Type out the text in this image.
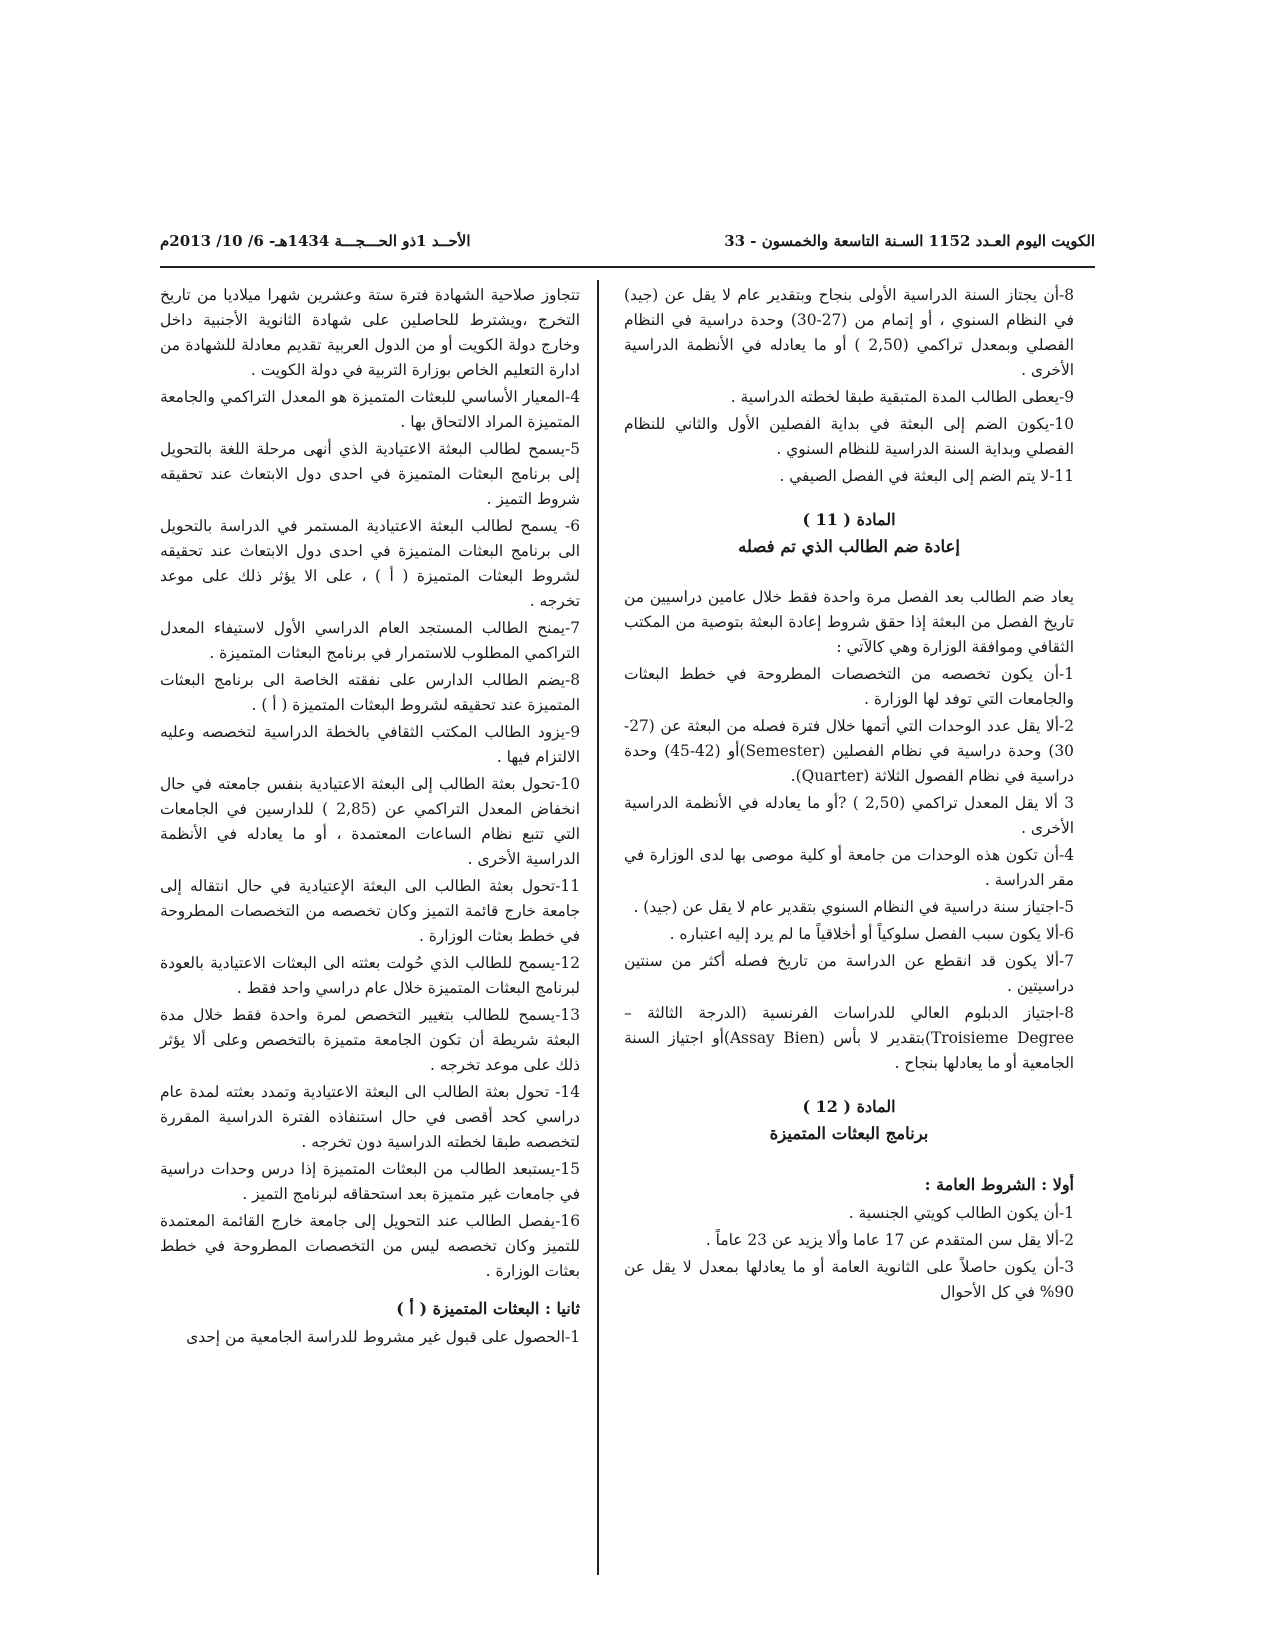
الكويت اليوم العـدد 1152 السـنة التاسعة والخمسون - 33
الأحــد 1ذو الحـــجـــة 1434هـ- 6/ 10/ 2013م

8-أن يجتاز السنة الدراسية الأولى بنجاح وبتقدير عام لا يقل عن (جيد) في النظام السنوي ، أو إتمام من (27-30) وحدة دراسية في النظام الفصلي وبمعدل تراكمي (2,50 ) أو ما يعادله في الأنظمة الدراسية الأخرى .

9-يعطى الطالب المدة المتبقية طبقا لخطته الدراسية .

10-يكون الضم إلى البعثة في بداية الفصلين الأول والثاني للنظام الفصلي وبداية السنة الدراسية للنظام السنوي .

11-لا يتم الضم إلى البعثة في الفصل الصيفي .

المادة ( 11 )
إعادة ضم الطالب الذي تم فصله

يعاد ضم الطالب بعد الفصل مرة واحدة فقط خلال عامين دراسيين من تاريخ الفصل من البعثة إذا حقق شروط إعادة البعثة بتوصية من المكتب الثقافي وموافقة الوزارة وهي كالآتي :

1-أن يكون تخصصه من التخصصات المطروحة في خطط البعثات والجامعات التي توفد لها الوزارة .

2-ألا يقل عدد الوحدات التي أتمها خلال فترة فصله من البعثة عن (27- 30) وحدة دراسية في نظام الفصلين (Semester)أو (42-45) وحدة دراسية في نظام الفصول الثلاثة (Quarter).

3 ألا يقل المعدل تراكمي (2,50 ) ?أو ما يعادله في الأنظمة الدراسية الأخرى .

4-أن تكون هذه الوحدات من جامعة أو كلية موصى بها لدى الوزارة في مقر الدراسة .

5-اجتياز سنة دراسية في النظام السنوي بتقدير عام لا يقل عن (جيد) .

6-ألا يكون سبب الفصل سلوكياً أو أخلاقياً ما لم يرد إليه اعتباره .

7-ألا يكون قد انقطع عن الدراسة من تاريخ فصله أكثر من سنتين دراسيتين .

8-اجتياز الدبلوم العالي للدراسات الفرنسية (الدرجة الثالثة – Troisieme Degree)بتقدير لا بأس (Assay Bien)أو اجتياز السنة الجامعية أو ما يعادلها بنجاح .

المادة ( 12 )
برنامج البعثات المتميزة
أولا : الشروط العامة :

1-أن يكون الطالب كويتي الجنسية .

2-ألا يقل سن المتقدم عن 17 عاما وألا يزيد عن 23 عاماً .

3-أن يكون حاصلاً على الثانوية العامة أو ما يعادلها بمعدل لا يقل عن 90% في كل الأحوال

تتجاوز صلاحية الشهادة فترة ستة وعشرين شهرا ميلاديا من تاريخ التخرج ،ويشترط للحاصلين على شهادة الثانوية الأجنبية داخل وخارج دولة الكويت أو من الدول العربية تقديم معادلة للشهادة من ادارة التعليم الخاص بوزارة التربية في دولة الكويت .

4-المعيار الأساسي للبعثات المتميزة هو المعدل التراكمي والجامعة المتميزة المراد الالتحاق بها .

5-يسمح لطالب البعثة الاعتيادية الذي أنهى مرحلة اللغة بالتحويل إلى برنامج البعثات المتميزة في احدى دول الابتعاث عند تحقيقه شروط التميز .

6- يسمح لطالب البعثة الاعتيادية المستمر في الدراسة بالتحويل الى برنامج البعثات المتميزة في احدى دول الابتعاث عند تحقيقه لشروط البعثات المتميزة ( أ ) ، على الا يؤثر ذلك على موعد تخرجه .

7-يمنح الطالب المستجد العام الدراسي الأول لاستيفاء المعدل التراكمي المطلوب للاستمرار في برنامج البعثات المتميزة .

8-يضم الطالب الدارس على نفقته الخاصة الى برنامج البعثات المتميزة عند تحقيقه لشروط البعثات المتميزة ( أ ) .

9-يزود الطالب المكتب الثقافي بالخطة الدراسية لتخصصه وعليه الالتزام فيها .

10-تحول بعثة الطالب إلى البعثة الاعتيادية بنفس جامعته في حال انخفاض المعدل التراكمي عن (2,85 ) للدارسين في الجامعات التي تتبع نظام الساعات المعتمدة ، أو ما يعادله في الأنظمة الدراسية الأخرى .

11-تحول بعثة الطالب الى البعثة الإعتيادية في حال انتقاله إلى جامعة خارج قائمة التميز وكان تخصصه من التخصصات المطروحة في خطط بعثات الوزارة .

12-يسمح للطالب الذي حُولت بعثته الى البعثات الاعتيادية بالعودة لبرنامج البعثات المتميزة خلال عام دراسي واحد فقط .

13-يسمح للطالب بتغيير التخصص لمرة واحدة فقط خلال مدة البعثة شريطة أن تكون الجامعة متميزة بالتخصص وعلى ألا يؤثر ذلك على موعد تخرجه .

14- تحول بعثة الطالب الى البعثة الاعتيادية وتمدد بعثته لمدة عام دراسي كحد أقصى في حال استنفاذه الفترة الدراسية المقررة لتخصصه طبقا لخطته الدراسية دون تخرجه .

15-يستبعد الطالب من البعثات المتميزة إذا درس وحدات دراسية في جامعات غير متميزة بعد استحقاقه لبرنامج التميز .

16-يفصل الطالب عند التحويل إلى جامعة خارج القائمة المعتمدة للتميز وكان تخصصه ليس من التخصصات المطروحة في خطط بعثات الوزارة .

ثانيا : البعثات المتميزة ( أ )

1-الحصول على قبول غير مشروط للدراسة الجامعية من إحدى
